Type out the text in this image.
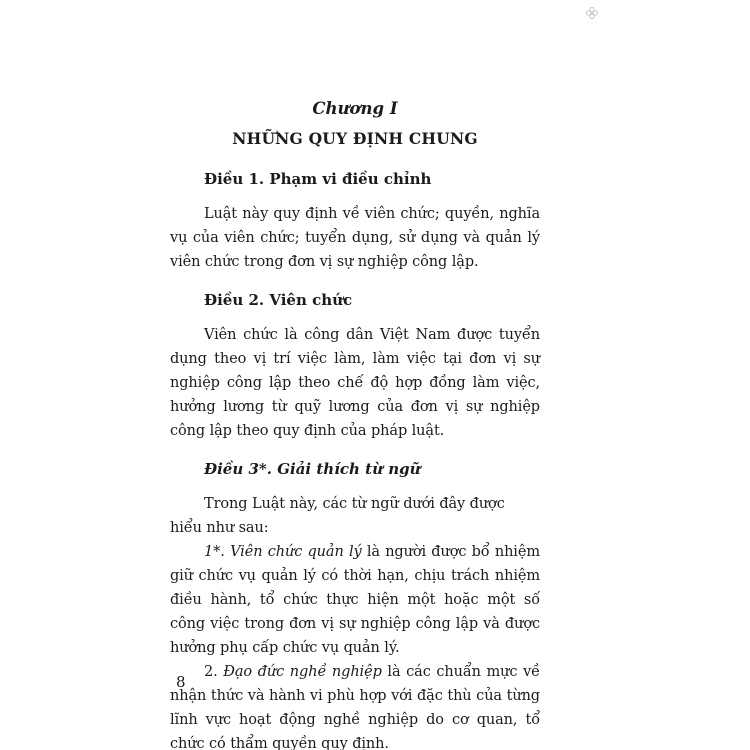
Chương I

NHỮNG QUY ĐỊNH CHUNG

Điều 1. Phạm vi điều chỉnh

Luật này quy định về viên chức; quyền, nghĩa vụ của viên chức; tuyển dụng, sử dụng và quản lý viên chức trong đơn vị sự nghiệp công lập.

Điều 2. Viên chức

Viên chức là công dân Việt Nam được tuyển dụng theo vị trí việc làm, làm việc tại đơn vị sự nghiệp công lập theo chế độ hợp đồng làm việc, hưởng lương từ quỹ lương của đơn vị sự nghiệp công lập theo quy định của pháp luật.

Điều 3*. Giải thích từ ngữ

Trong Luật này, các từ ngữ dưới đây được hiểu như sau:

1*. Viên chức quản lý là người được bổ nhiệm giữ chức vụ quản lý có thời hạn, chịu trách nhiệm điều hành, tổ chức thực hiện một hoặc một số công việc trong đơn vị sự nghiệp công lập và được hưởng phụ cấp chức vụ quản lý.

2. Đạo đức nghề nghiệp là các chuẩn mực về nhận thức và hành vi phù hợp với đặc thù của từng lĩnh vực hoạt động nghề nghiệp do cơ quan, tổ chức có thẩm quyền quy định.

8
